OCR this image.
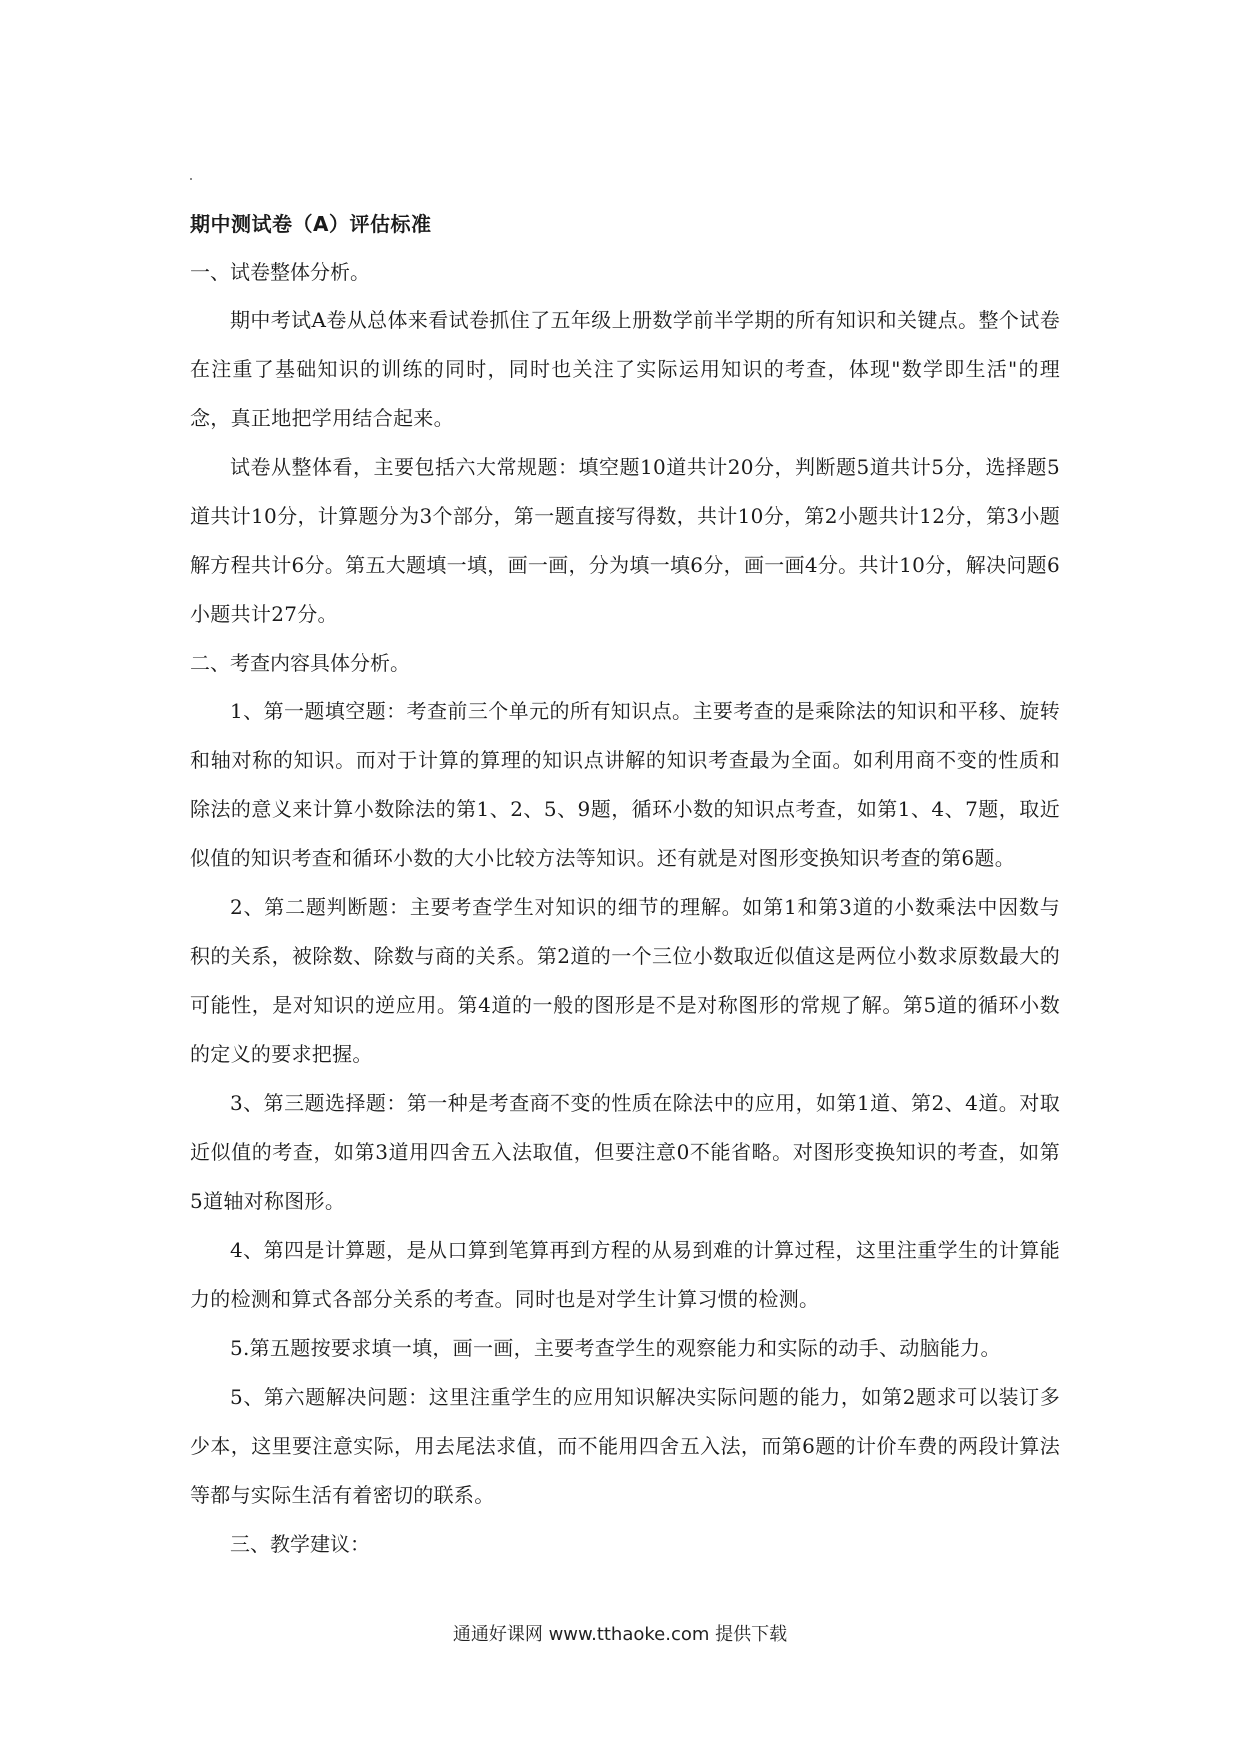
期中测试卷（A）评估标准

一、试卷整体分析。

期中考试A卷从总体来看试卷抓住了五年级上册数学前半学期的所有知识和关键点。整个试卷在注重了基础知识的训练的同时，同时也关注了实际运用知识的考查，体现"数学即生活"的理念，真正地把学用结合起来。

试卷从整体看，主要包括六大常规题：填空题10道共计20分，判断题5道共计5分，选择题5道共计10分，计算题分为3个部分，第一题直接写得数，共计10分，第2小题共计12分，第3小题解方程共计6分。第五大题填一填，画一画，分为填一填6分，画一画4分。共计10分，解决问题6小题共计27分。

二、考查内容具体分析。

1、第一题填空题：考查前三个单元的所有知识点。主要考查的是乘除法的知识和平移、旋转和轴对称的知识。而对于计算的算理的知识点讲解的知识考查最为全面。如利用商不变的性质和除法的意义来计算小数除法的第1、2、5、9题，循环小数的知识点考查，如第1、4、7题，取近似值的知识考查和循环小数的大小比较方法等知识。还有就是对图形变换知识考查的第6题。

2、第二题判断题：主要考查学生对知识的细节的理解。如第1和第3道的小数乘法中因数与积的关系，被除数、除数与商的关系。第2道的一个三位小数取近似值这是两位小数求原数最大的可能性，是对知识的逆应用。第4道的一般的图形是不是对称图形的常规了解。第5道的循环小数的定义的要求把握。

3、第三题选择题：第一种是考查商不变的性质在除法中的应用，如第1道、第2、4道。对取近似值的考查，如第3道用四舍五入法取值，但要注意0不能省略。对图形变换知识的考查，如第5道轴对称图形。

4、第四是计算题，是从口算到笔算再到方程的从易到难的计算过程，这里注重学生的计算能力的检测和算式各部分关系的考查。同时也是对学生计算习惯的检测。

5.第五题按要求填一填，画一画，主要考查学生的观察能力和实际的动手、动脑能力。

5、第六题解决问题：这里注重学生的应用知识解决实际问题的能力，如第2题求可以装订多少本，这里要注意实际，用去尾法求值，而不能用四舍五入法，而第6题的计价车费的两段计算法等都与实际生活有着密切的联系。

三、教学建议：

通通好课网 www.tthaoke.com 提供下载
